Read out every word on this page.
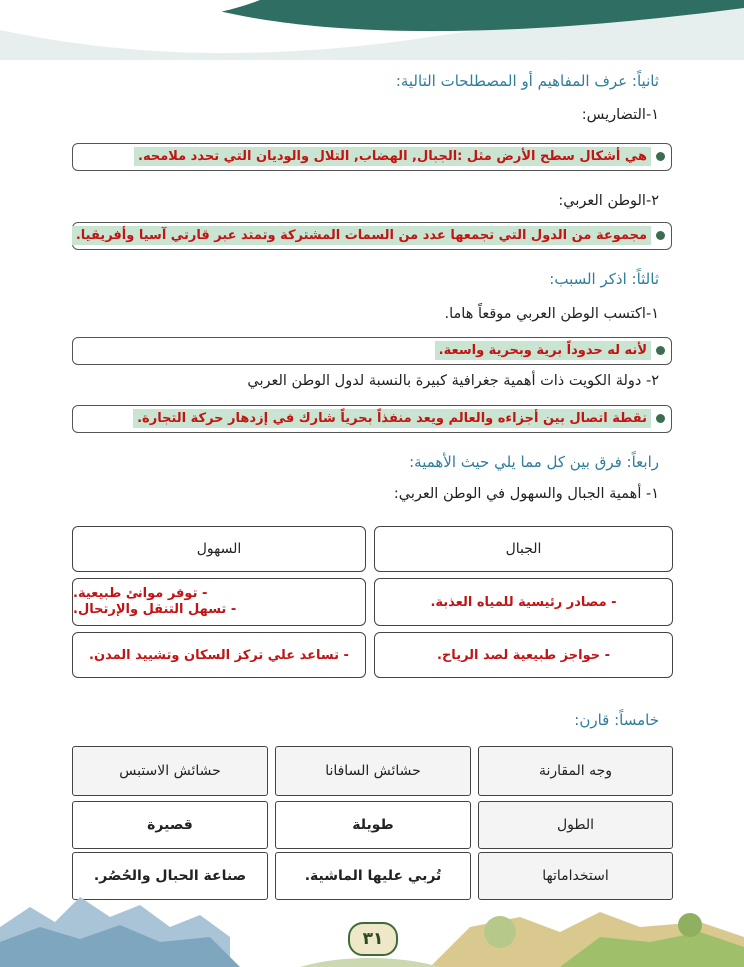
ثانياً: عرف المفاهيم أو المصطلحات التالية:
١-التضاريس:
هي أشكال سطح الأرض مثل :الجبال, الهضاب, التلال والوديان التي تحدد ملامحه.
٢-الوطن العربي:
مجموعة من الدول التي تجمعها عدد من السمات المشتركة وتمتد عبر قارتي آسيا وأفريقيا.
ثالثاً: اذكر السبب:
١-اكتسب الوطن العربي موقعاً هاما.
لأنه له حدوداً برية وبحرية واسعة.
٢- دولة الكويت ذات أهمية جغرافية كبيرة بالنسبة لدول الوطن العربي
نقطة اتصال بين أجزاءه والعالم ويعد منفذاً بحرياً شارك في إزدهار حركة التجارة.
رابعاً: فرق بين كل مما يلي حيث الأهمية:
١- أهمية الجبال والسهول في الوطن العربي:
الجبال
السهول
- مصادر رئيسية للمياه العذبة.
- توفر موانئ طبيعية.
- تسهل التنقل والإرتحال.
- حواجز طبيعية لصد الرياح.
- تساعد علي تركز السكان وتشييد المدن.
خامساً: قارن:
وجه المقارنة
حشائش السافانا
حشائش الاستبس
الطول
طويلة
قصيرة
استخداماتها
تُربي عليها الماشية.
صناعة الحبال والحُصُر.
٣١
